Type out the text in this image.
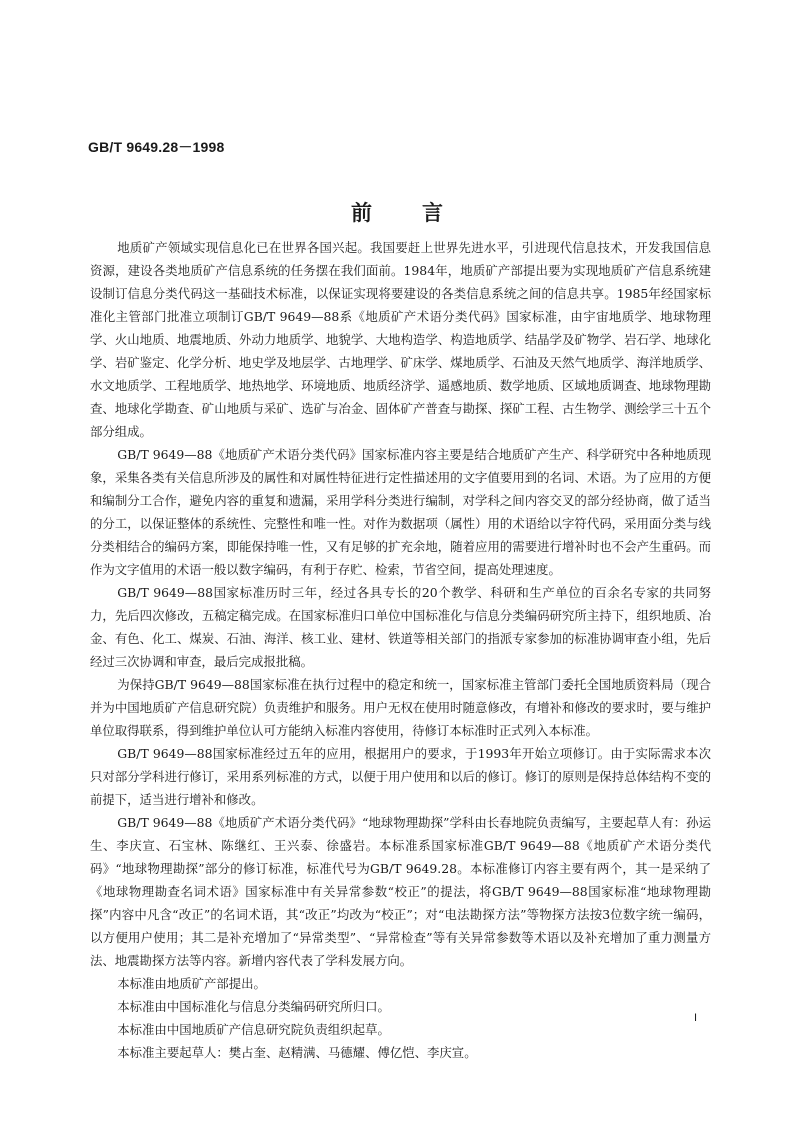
GB/T 9649.28－1998
前言

地质矿产领域实现信息化已在世界各国兴起。我国要赶上世界先进水平，引进现代信息技术，开发我国信息资源，建设各类地质矿产信息系统的任务摆在我们面前。1984年，地质矿产部提出要为实现地质矿产信息系统建设制订信息分类代码这一基础技术标准，以保证实现将要建设的各类信息系统之间的信息共享。1985年经国家标准化主管部门批准立项制订GB/T 9649—88系《地质矿产术语分类代码》国家标准，由宇宙地质学、地球物理学、火山地质、地震地质、外动力地质学、地貌学、大地构造学、构造地质学、结晶学及矿物学、岩石学、地球化学、岩矿鉴定、化学分析、地史学及地层学、古地理学、矿床学、煤地质学、石油及天然气地质学、海洋地质学、水文地质学、工程地质学、地热地学、环境地质、地质经济学、遥感地质、数学地质、区域地质调查、地球物理勘查、地球化学勘查、矿山地质与采矿、选矿与冶金、固体矿产普查与勘探、探矿工程、古生物学、测绘学三十五个部分组成。

GB/T 9649—88《地质矿产术语分类代码》国家标准内容主要是结合地质矿产生产、科学研究中各种地质现象，采集各类有关信息所涉及的属性和对属性特征进行定性描述用的文字值要用到的名词、术语。为了应用的方便和编制分工合作，避免内容的重复和遗漏，采用学科分类进行编制，对学科之间内容交叉的部分经协商，做了适当的分工，以保证整体的系统性、完整性和唯一性。对作为数据项（属性）用的术语给以字符代码，采用面分类与线分类相结合的编码方案，即能保持唯一性，又有足够的扩充余地，随着应用的需要进行增补时也不会产生重码。而作为文字值用的术语一般以数字编码，有利于存贮、检索，节省空间，提高处理速度。

GB/T 9649—88国家标准历时三年，经过各具专长的20个教学、科研和生产单位的百余名专家的共同努力，先后四次修改，五稿定稿完成。在国家标准归口单位中国标准化与信息分类编码研究所主持下，组织地质、冶金、有色、化工、煤炭、石油、海洋、核工业、建材、铁道等相关部门的指派专家参加的标准协调审查小组，先后经过三次协调和审查，最后完成报批稿。

为保持GB/T 9649—88国家标准在执行过程中的稳定和统一，国家标准主管部门委托全国地质资料局（现合并为中国地质矿产信息研究院）负责维护和服务。用户无权在使用时随意修改，有增补和修改的要求时，要与维护单位取得联系，得到维护单位认可方能纳入标准内容使用，待修订本标准时正式列入本标准。

GB/T 9649—88国家标准经过五年的应用，根据用户的要求，于1993年开始立项修订。由于实际需求本次只对部分学科进行修订，采用系列标准的方式，以便于用户使用和以后的修订。修订的原则是保持总体结构不变的前提下，适当进行增补和修改。

GB/T 9649—88《地质矿产术语分类代码》“地球物理勘探”学科由长春地院负责编写，主要起草人有：孙运生、李庆宣、石宝林、陈继红、王兴泰、徐盛岩。本标准系国家标准GB/T 9649—88《地质矿产术语分类代码》“地球物理勘探”部分的修订标准，标准代号为GB/T 9649.28。本标准修订内容主要有两个，其一是采纳了《地球物理勘查名词术语》国家标准中有关异常参数“校正”的提法，将GB/T 9649—88国家标准“地球物理勘探”内容中凡含“改正”的名词术语，其“改正”均改为“校正”；对“电法勘探方法”等物探方法按3位数字统一编码，以方便用户使用；其二是补充增加了“异常类型”、“异常检查”等有关异常参数等术语以及补充增加了重力测量方法、地震勘探方法等内容。新增内容代表了学科发展方向。

本标准由地质矿产部提出。

本标准由中国标准化与信息分类编码研究所归口。

本标准由中国地质矿产信息研究院负责组织起草。

本标准主要起草人：樊占奎、赵精满、马德耀、傅亿恺、李庆宣。

I
